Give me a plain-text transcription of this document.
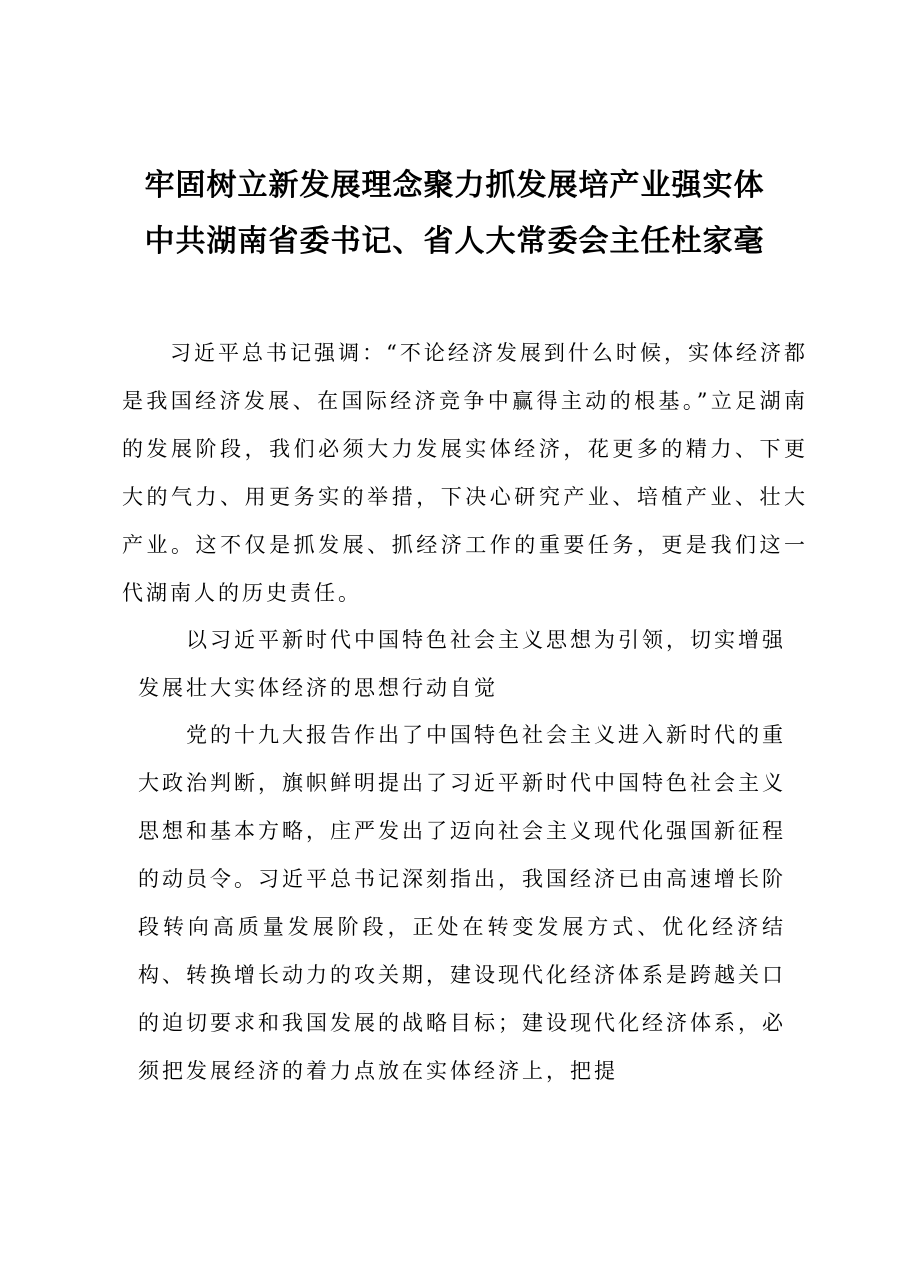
牢固树立新发展理念聚力抓发展培产业强实体
中共湖南省委书记、省人大常委会主任杜家毫

习近平总书记强调：“不论经济发展到什么时候，实体经济都是我国经济发展、在国际经济竞争中赢得主动的根基。”立足湖南的发展阶段，我们必须大力发展实体经济，花更多的精力、下更大的气力、用更务实的举措，下决心研究产业、培植产业、壮大产业。这不仅是抓发展、抓经济工作的重要任务，更是我们这一代湖南人的历史责任。

以习近平新时代中国特色社会主义思想为引领，切实增强发展壮大实体经济的思想行动自觉

党的十九大报告作出了中国特色社会主义进入新时代的重大政治判断，旗帜鲜明提出了习近平新时代中国特色社会主义思想和基本方略，庄严发出了迈向社会主义现代化强国新征程的动员令。习近平总书记深刻指出，我国经济已由高速增长阶段转向高质量发展阶段，正处在转变发展方式、优化经济结构、转换增长动力的攻关期，建设现代化经济体系是跨越关口的迫切要求和我国发展的战略目标；建设现代化经济体系，必须把发展经济的着力点放在实体经济上，把提
